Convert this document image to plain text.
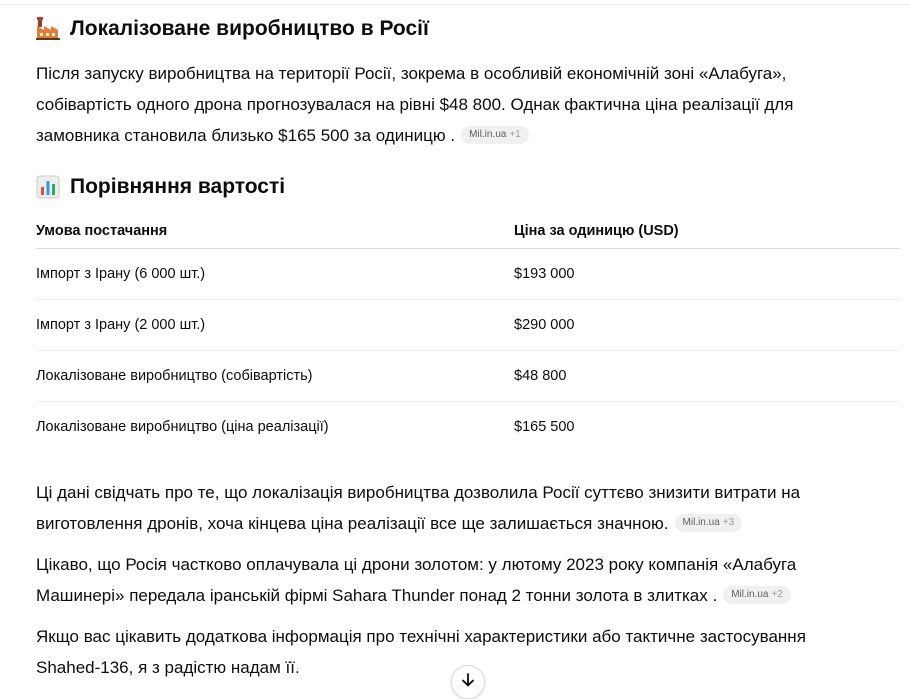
Локалізоване виробництво в Росії
Після запуску виробництва на території Росії, зокрема в особливій економічній зоні «Алабуга», собівартість одного дрона прогнозувалася на рівні $48 800. Однак фактична ціна реалізації для замовника становила близько $165 500 за одиницю . Mil.in.ua +1
Порівняння вартості
Умова постачання	Ціна за одиницю (USD)
Імпорт з Ірану (6 000 шт.)	$193 000
Імпорт з Ірану (2 000 шт.)	$290 000
Локалізоване виробництво (собівартість)	$48 800
Локалізоване виробництво (ціна реалізації)	$165 500
Ці дані свідчать про те, що локалізація виробництва дозволила Росії суттєво знизити витрати на виготовлення дронів, хоча кінцева ціна реалізації все ще залишається значною. Mil.in.ua +3
Цікаво, що Росія частково оплачувала ці дрони золотом: у лютому 2023 року компанія «Алабуга Машинері» передала іранській фірмі Sahara Thunder понад 2 тонни золота в злитках . Mil.in.ua +2
Якщо вас цікавить додаткова інформація про технічні характеристики або тактичне застосування Shahed-136, я з радістю надам її.
